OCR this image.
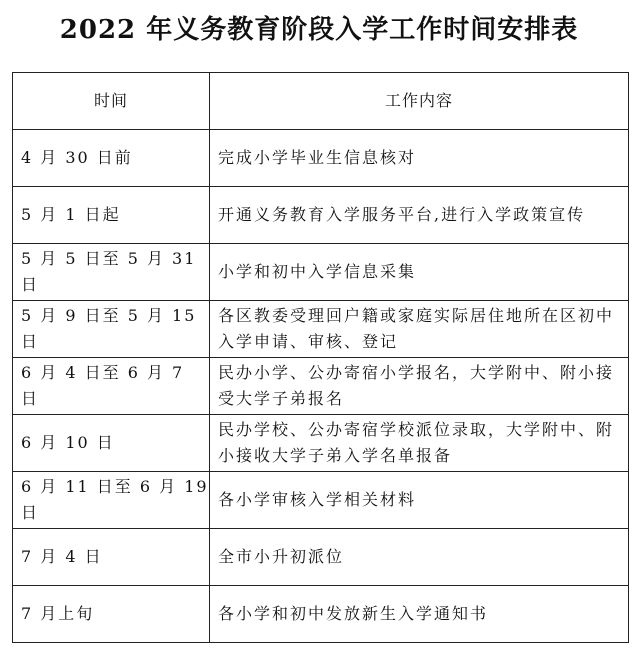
2022 年义务教育阶段入学工作时间安排表
时间	工作内容
4 月 30 日前	完成小学毕业生信息核对
5 月 1 日起	开通义务教育入学服务平台,进行入学政策宣传
5 月 5 日至 5 月 31 日	小学和初中入学信息采集
5 月 9 日至 5 月 15 日	各区教委受理回户籍或家庭实际居住地所在区初中入学申请、审核、登记
6 月 4 日至 6 月 7 日	民办小学、公办寄宿小学报名，大学附中、附小接受大学子弟报名
6 月 10 日	民办学校、公办寄宿学校派位录取，大学附中、附小接收大学子弟入学名单报备
6 月 11 日至 6 月 19 日	各小学审核入学相关材料
7 月 4 日	全市小升初派位
7 月上旬	各小学和初中发放新生入学通知书
